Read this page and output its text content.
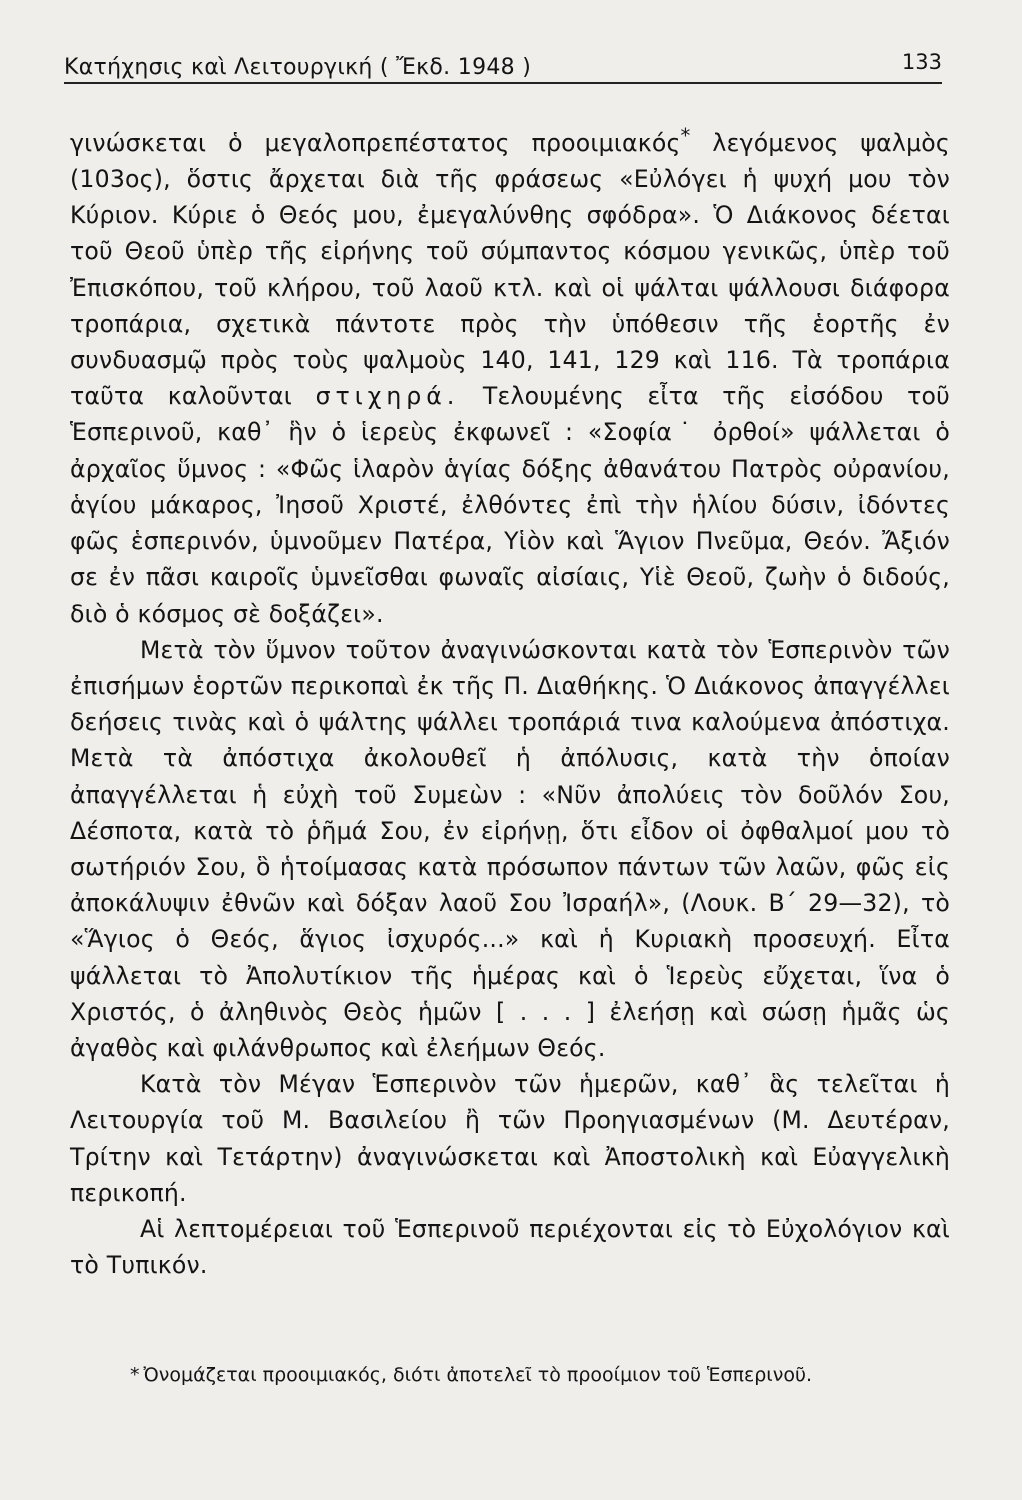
Κατήχησις καὶ Λειτουργική ( Ἔκδ. 1948 )	133

γινώσκεται ὁ μεγαλοπρεπέστατος προοιμιακός* λεγόμενος ψαλμὸς (103ος), ὅστις ἄρχεται διὰ τῆς φράσεως «Εὐλόγει ἡ ψυχή μου τὸν Κύριον. Κύριε ὁ Θεός μου, ἐμεγαλύνθης σφόδρα». Ὁ Διάκονος δέεται τοῦ Θεοῦ ὑπὲρ τῆς εἰρήνης τοῦ σύμπαντος κόσμου γενικῶς, ὑπὲρ τοῦ Ἐπισκόπου, τοῦ κλήρου, τοῦ λαοῦ κτλ. καὶ οἱ ψάλται ψάλλουσι διάφορα τροπάρια, σχετικὰ πάντοτε πρὸς τὴν ὑπόθεσιν τῆς ἑορτῆς ἐν συνδυασμῷ πρὸς τοὺς ψαλμοὺς 140, 141, 129 καὶ 116. Τὰ τροπάρια ταῦτα καλοῦνται στιχηρά. Τελουμένης εἶτα τῆς εἰσόδου τοῦ Ἑσπερινοῦ, καθ᾽ ἣν ὁ ἱερεὺς ἐκφωνεῖ : «Σοφία˙ ὀρθοί» ψάλλεται ὁ ἀρχαῖος ὕμνος : «Φῶς ἱλαρὸν ἁγίας δόξης ἀθανάτου Πατρὸς οὐρανίου, ἁγίου μάκαρος, Ἰησοῦ Χριστέ, ἐλθόντες ἐπὶ τὴν ἡλίου δύσιν, ἰδόντες φῶς ἑσπερινόν, ὑμνοῦμεν Πατέρα, Υἱὸν καὶ Ἅγιον Πνεῦμα, Θεόν. Ἄξιόν σε ἐν πᾶσι καιροῖς ὑμνεῖσθαι φωναῖς αἰσίαις, Υἱὲ Θεοῦ, ζωὴν ὁ διδούς, διὸ ὁ κόσμος σὲ δοξάζει».

Μετὰ τὸν ὕμνον τοῦτον ἀναγινώσκονται κατὰ τὸν Ἑσπερινὸν τῶν ἐπισήμων ἑορτῶν περικοπαὶ ἐκ τῆς Π. Διαθήκης. Ὁ Διάκονος ἀπαγγέλλει δεήσεις τινὰς καὶ ὁ ψάλτης ψάλλει τροπάριά τινα καλούμενα ἀπόστιχα. Μετὰ τὰ ἀπόστιχα ἀκολουθεῖ ἡ ἀπόλυσις, κατὰ τὴν ὁποίαν ἀπαγγέλλεται ἡ εὐχὴ τοῦ Συμεὼν : «Νῦν ἀπολύεις τὸν δοῦλόν Σου, Δέσποτα, κατὰ τὸ ῥῆμά Σου, ἐν εἰρήνῃ, ὅτι εἶδον οἱ ὀφθαλμοί μου τὸ σωτήριόν Σου, ὃ ἡτοίμασας κατὰ πρόσωπον πάντων τῶν λαῶν, φῶς εἰς ἀποκάλυψιν ἐθνῶν καὶ δόξαν λαοῦ Σου Ἰσραήλ», (Λουκ. Β΄ 29—32), τὸ «Ἅγιος ὁ Θεός, ἅγιος ἰσχυρός...» καὶ ἡ Κυριακὴ προσευχή. Εἶτα ψάλλεται τὸ Ἀπολυτίκιον τῆς ἡμέρας καὶ ὁ Ἱερεὺς εὔχεται, ἵνα ὁ Χριστός, ὁ ἀληθινὸς Θεὸς ἡμῶν [ . . . ] ἐλεήσῃ καὶ σώσῃ ἡμᾶς ὡς ἀγαθὸς καὶ φιλάνθρωπος καὶ ἐλεήμων Θεός.

Κατὰ τὸν Μέγαν Ἑσπερινὸν τῶν ἡμερῶν, καθ᾽ ἃς τελεῖται ἡ Λειτουργία τοῦ Μ. Βασιλείου ἢ τῶν Προηγιασμένων (Μ. Δευτέραν, Τρίτην καὶ Τετάρτην) ἀναγινώσκεται καὶ Ἀποστολικὴ καὶ Εὐαγγελικὴ περικοπή.

Αἱ λεπτομέρειαι τοῦ Ἑσπερινοῦ περιέχονται εἰς τὸ Εὐχολόγιον καὶ τὸ Τυπικόν.

* Ὀνομάζεται προοιμιακός, διότι ἀποτελεῖ τὸ προοίμιον τοῦ Ἑσπερινοῦ.
